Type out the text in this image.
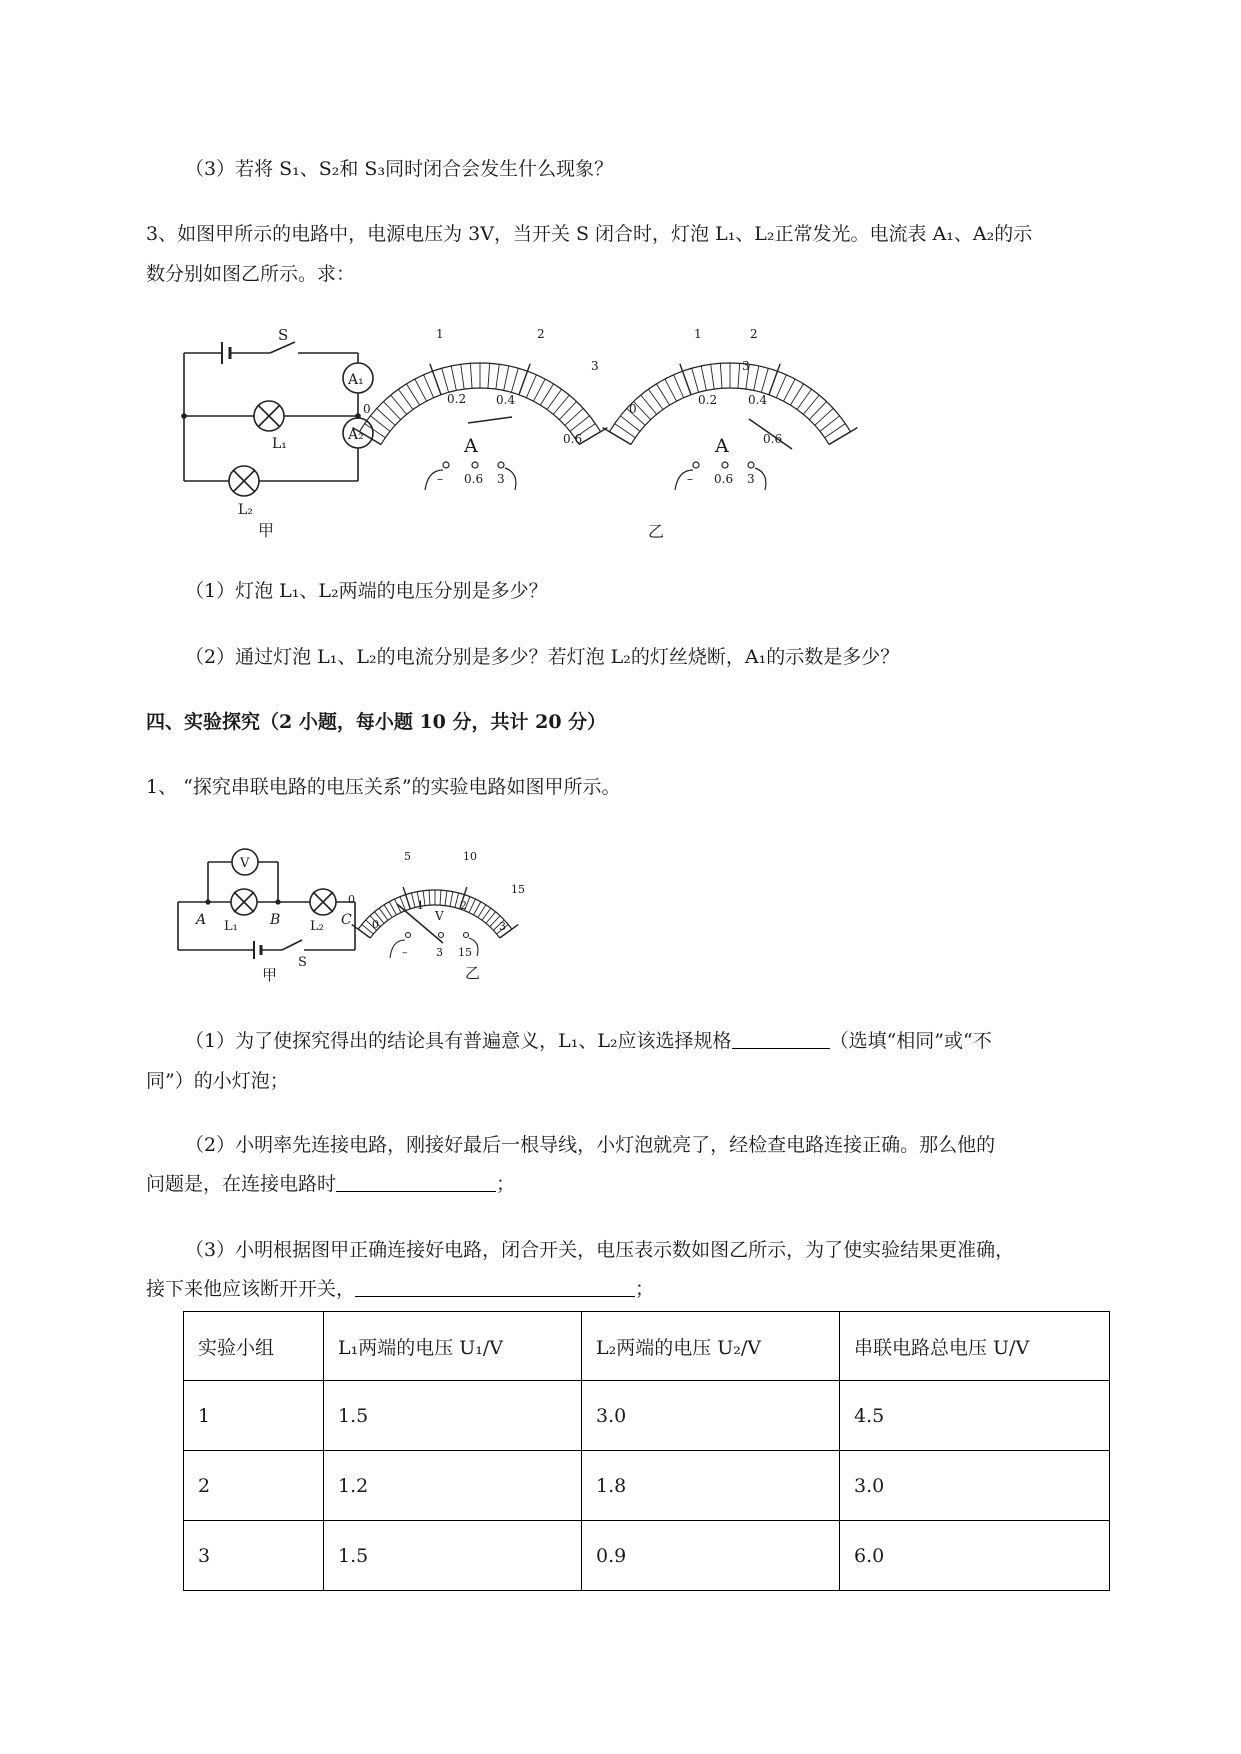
（3）若将 S₁、S₂和 S₃同时闭合会发生什么现象？
3、如图甲所示的电路中，电源电压为 3V，当开关 S 闭合时，灯泡 L₁、L₂正常发光。电流表 A₁、A₂的示
数分别如图乙所示。求：
S
A₁
A₂
L₁
L₂
甲
0
1	2
3
0.2 0.4
0.6
A
– 0.6 3
0
1	2
3
0.2	0.4
0.6
A
– 0.6 3
乙
（1）灯泡 L₁、L₂两端的电压分别是多少？
（2）通过灯泡 L₁、L₂的电流分别是多少？若灯泡 L₂的灯丝烧断，A₁的示数是多少？
四、实验探究（2 小题，每小题 10 分，共计 20 分）
1、 “探究串联电路的电压关系”的实验电路如图甲所示。
V
A	B	C
L₁	L₂
S
甲
0
5	10
15
0
1	2
3
V
–	3 15
乙
（1）为了使探究得出的结论具有普遍意义，L₁、L₂应该选择规格	（选填“相同”或“不
同”）的小灯泡；
（2）小明率先连接电路，刚接好最后一根导线，小灯泡就亮了，经检查电路连接正确。那么他的
问题是，在连接电路时	；
（3）小明根据图甲正确连接好电路，闭合开关，电压表示数如图乙所示，为了使实验结果更准确，
接下来他应该断开开关，	；
实验小组	L₁两端的电压 U₁/V	L₂两端的电压 U₂/V	串联电路总电压 U/V
1	1.5	3.0	4.5
2	1.2	1.8	3.0
3	1.5	0.9	6.0
